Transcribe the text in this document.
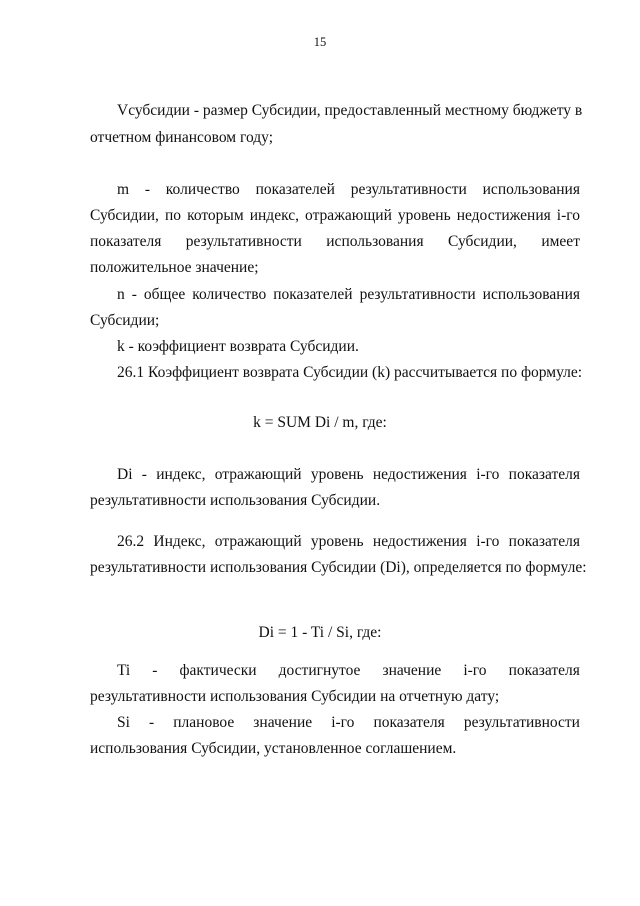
15
Vсубсидии - размер Субсидии, предоставленный местному бюджету в
отчетном финансовом году;
m - количество показателей результативности использования
Субсидии, по которым индекс, отражающий уровень недостижения i-го
показателя результативности использования Субсидии, имеет
положительное значение;
n - общее количество показателей результативности использования
Субсидии;
k - коэффициент возврата Субсидии.
26.1 Коэффициент возврата Субсидии (k) рассчитывается по формуле:
k = SUM Di / m, где:
Di - индекс, отражающий уровень недостижения i-го показателя
результативности использования Субсидии.
26.2 Индекс, отражающий уровень недостижения i-го показателя
результативности использования Субсидии (Di), определяется по формуле:
Di = 1 - Ti / Si, где:
Ti - фактически достигнутое значение i-го показателя
результативности использования Субсидии на отчетную дату;
Si - плановое значение i-го показателя результативности
использования Субсидии, установленное соглашением.
